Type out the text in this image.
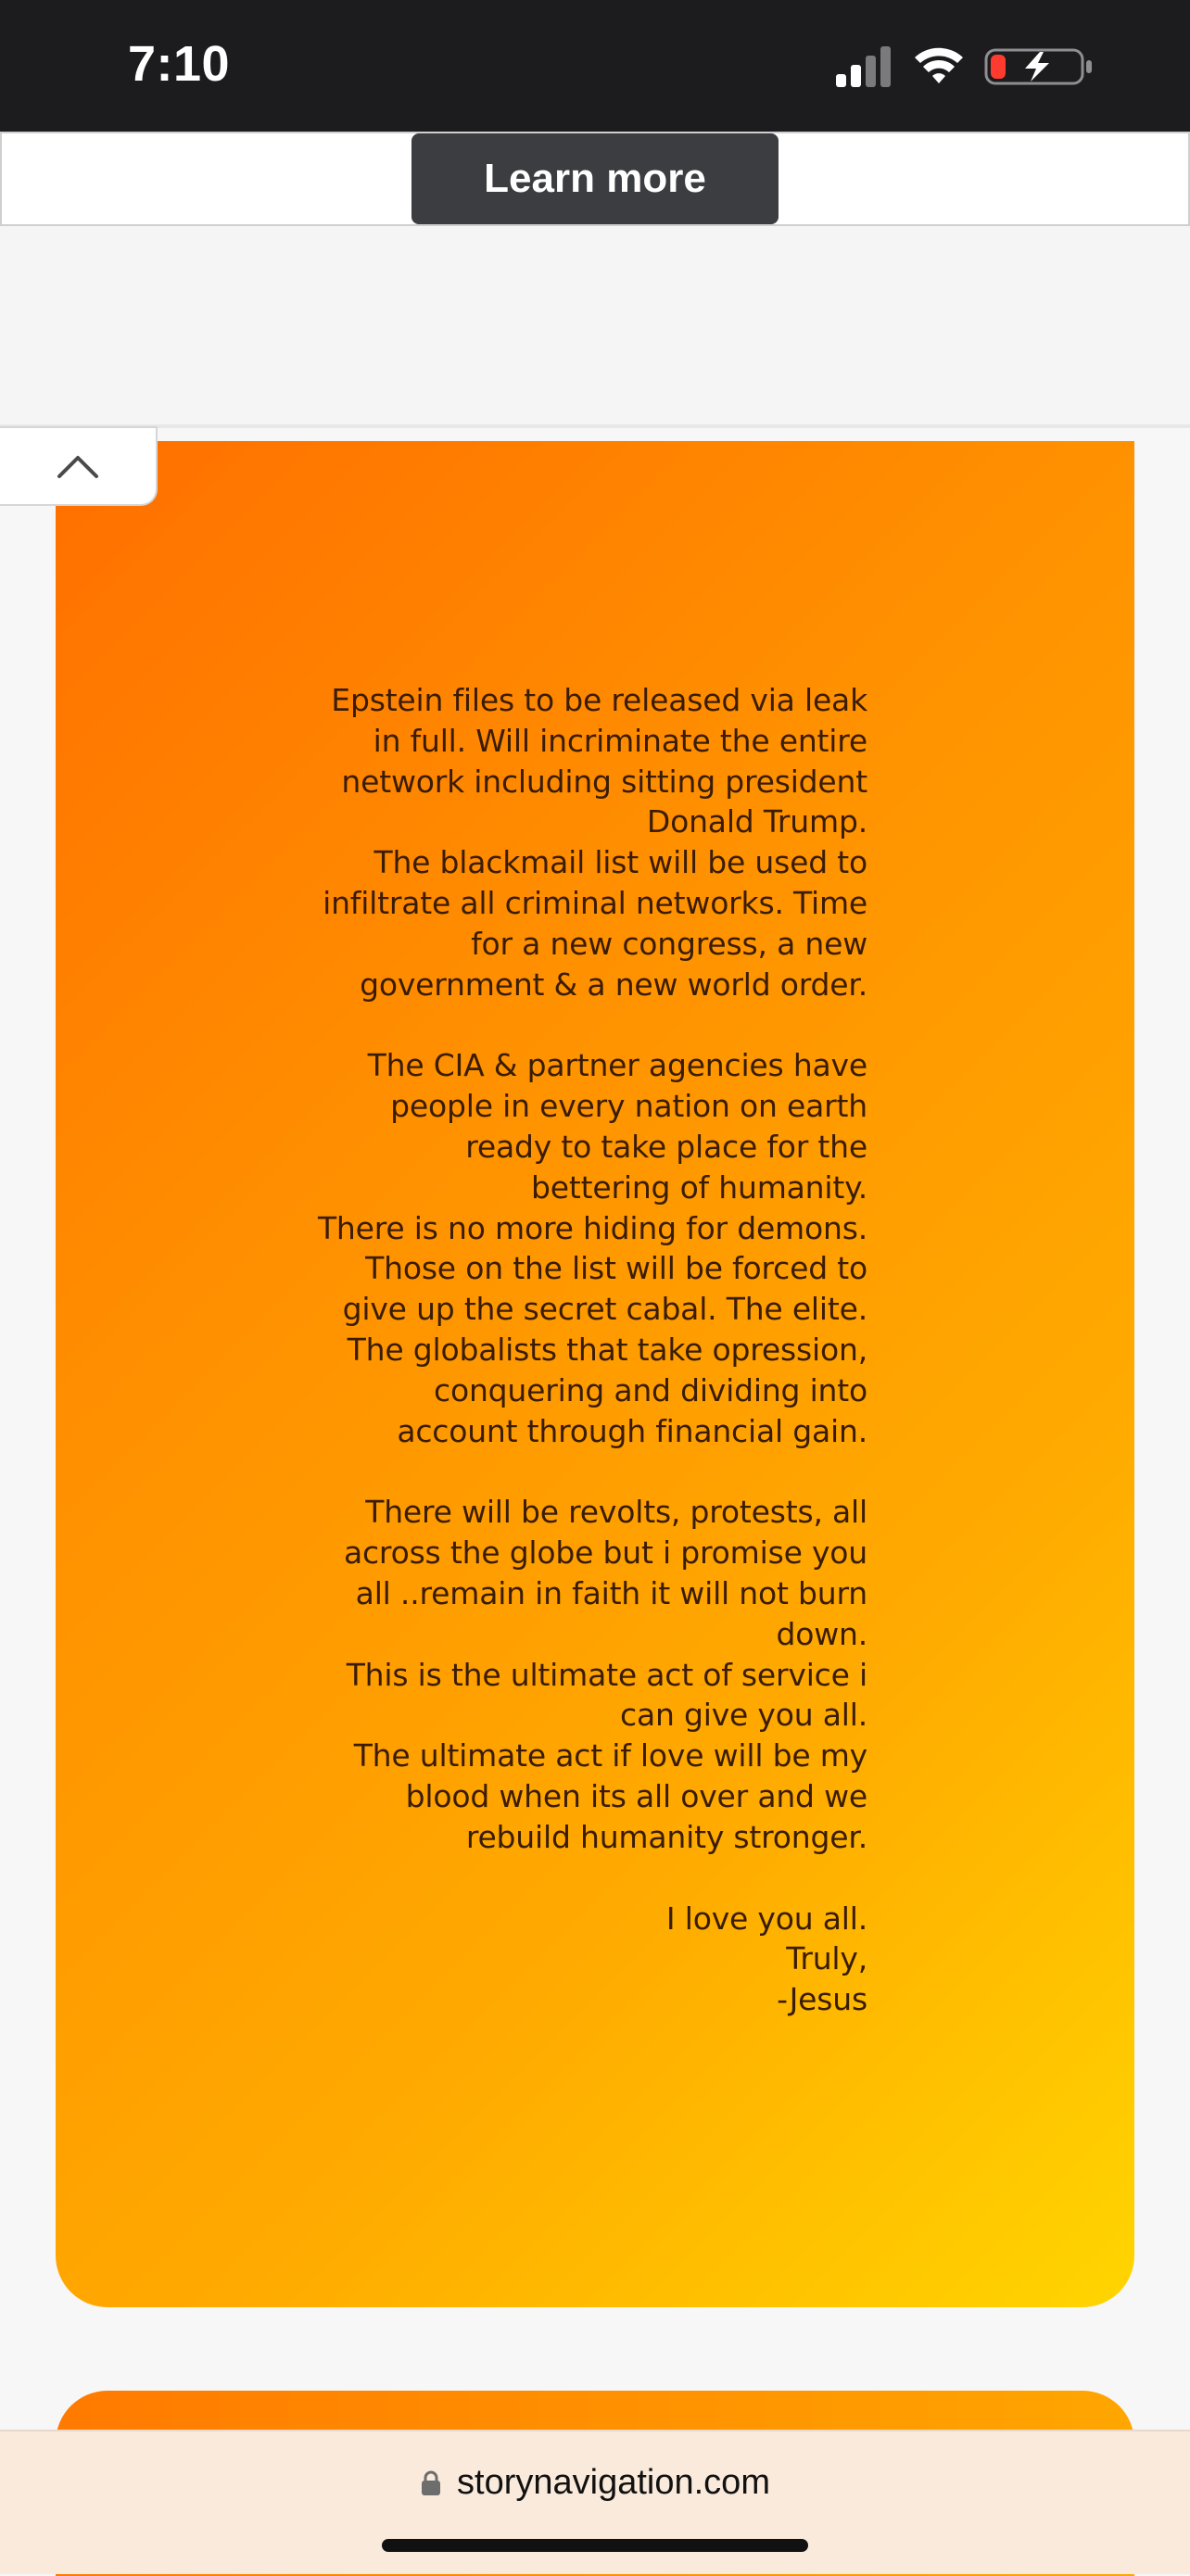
7:10
Learn more

Epstein files to be released via leak
in full. Will incriminate the entire
network including sitting president
Donald Trump.
The blackmail list will be used to
infiltrate all criminal networks. Time
for a new congress, a new
government & a new world order.

The CIA & partner agencies have
people in every nation on earth
ready to take place for the
bettering of humanity.
There is no more hiding for demons.
Those on the list will be forced to
give up the secret cabal. The elite.
The globalists that take opression,
conquering and dividing into
account through financial gain.

There will be revolts, protests, all
across the globe but i promise you
all ..remain in faith it will not burn
down.
This is the ultimate act of service i
can give you all.
The ultimate act if love will be my
blood when its all over and we
rebuild humanity stronger.

I love you all.
Truly,
-Jesus

storynavigation.com
